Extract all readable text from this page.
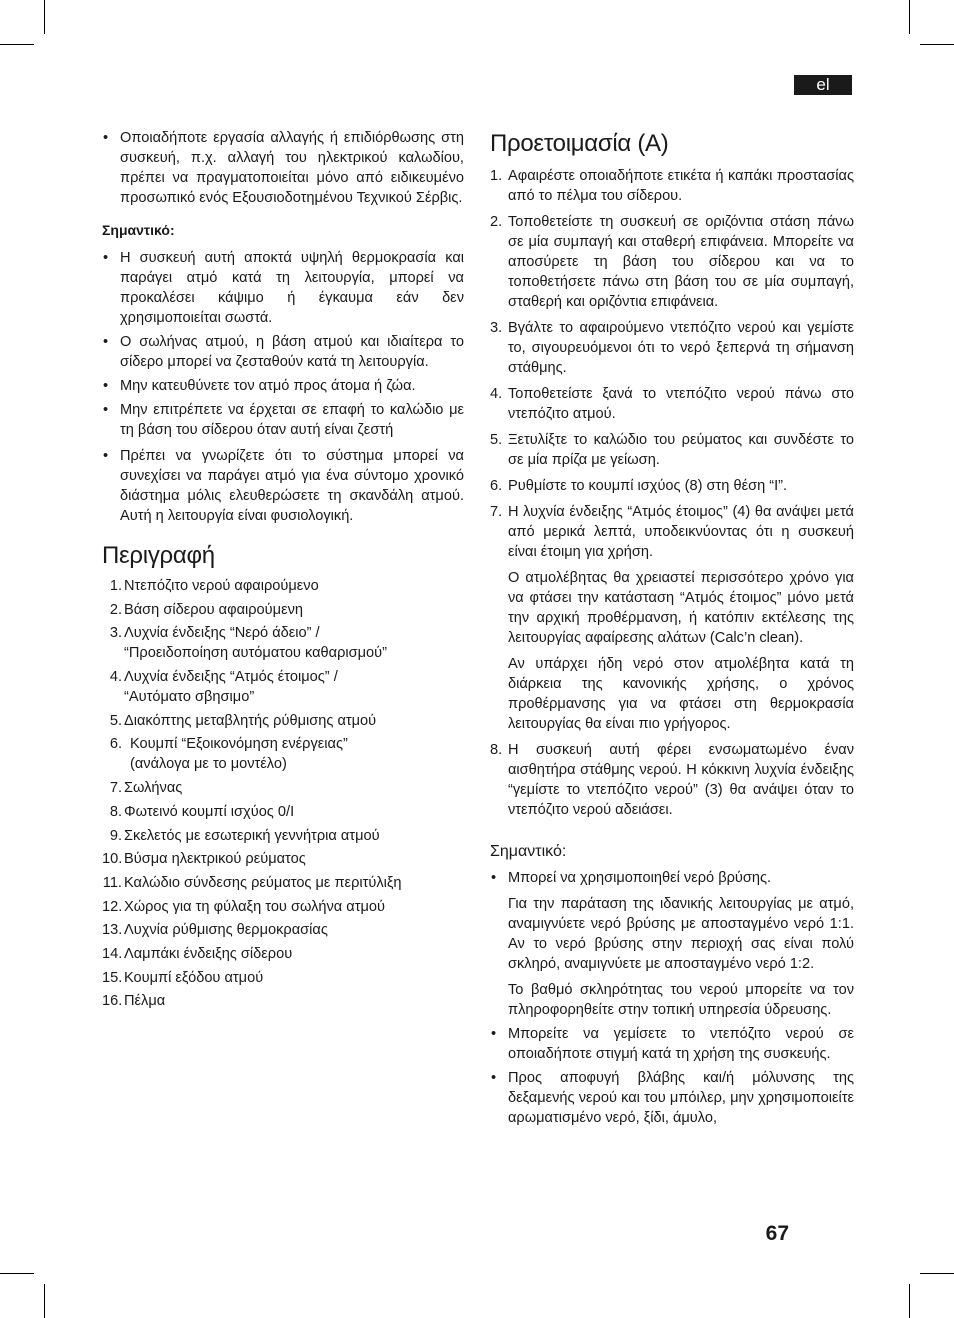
el
• Οποιαδήποτε εργασία αλλαγής ή επιδιόρθωσης στη συσκευή, π.χ. αλλαγή του ηλεκτρικού καλωδίου, πρέπει να πραγματοποιείται μόνο από ειδικευμένο προσωπικό ενός Εξουσιοδοτημένου Τεχνικού Σέρβις.
Σημαντικό:
• Η συσκευή αυτή αποκτά υψηλή θερμοκρασία και παράγει ατμό κατά τη λειτουργία, μπορεί να προκαλέσει κάψιμο ή έγκαυμα εάν δεν χρησιμοποιείται σωστά.
• Ο σωλήνας ατμού, η βάση ατμού και ιδιαίτερα το σίδερο μπορεί να ζεσταθούν κατά τη λειτουργία.
• Μην κατευθύνετε τον ατμό προς άτομα ή ζώα.
• Μην επιτρέπετε να έρχεται σε επαφή το καλώδιο με τη βάση του σίδερου όταν αυτή είναι ζεστή
• Πρέπει να γνωρίζετε ότι το σύστημα μπορεί να συνεχίσει να παράγει ατμό για ένα σύντομο χρονικό διάστημα μόλις ελευθερώσετε τη σκανδάλη ατμού. Αυτή η λειτουργία είναι φυσιολογική.
Περιγραφή
1. Ντεπόζιτο νερού αφαιρούμενο
2. Βάση σίδερου αφαιρούμενη
3. Λυχνία ένδειξης “Νερό άδειο” /
“Προειδοποίηση αυτόματου καθαρισμού”
4. Λυχνία ένδειξης “Ατμός έτοιμος” /
“Αυτόματο σβησιμο”
5. Διακόπτης μεταβλητής ρύθμισης ατμού
6. Κουμπί “Εξοικονόμηση ενέργειας”
(ανάλογα με το μοντέλο)
7. Σωλήνας
8. Φωτεινό κουμπί ισχύος 0/I
9. Σκελετός με εσωτερική γεννήτρια ατμού
10. Βύσμα ηλεκτρικού ρεύματος
11. Καλώδιο σύνδεσης ρεύματος με περιτύλιξη
12. Χώρος για τη φύλαξη του σωλήνα ατμού
13. Λυχνία ρύθμισης θερμοκρασίας
14. Λαμπάκι ένδειξης σίδερου
15. Κουμπί εξόδου ατμού
16. Πέλμα
Προετοιμασία (A)
1. Αφαιρέστε οποιαδήποτε ετικέτα ή καπάκι προστασίας από το πέλμα του σίδερου.
2. Τοποθετείστε τη συσκευή σε οριζόντια στάση πάνω σε μία συμπαγή και σταθερή επιφάνεια. Μπορείτε να αποσύρετε τη βάση του σίδερου και να το τοποθετήσετε πάνω στη βάση του σε μία συμπαγή, σταθερή και οριζόντια επιφάνεια.
3. Βγάλτε το αφαιρούμενο ντεπόζιτο νερού και γεμίστε το, σιγουρευόμενοι ότι το νερό ξεπερνά τη σήμανση στάθμης.
4. Τοποθετείστε ξανά το ντεπόζιτο νερού πάνω στο ντεπόζιτο ατμού.
5. Ξετυλίξτε το καλώδιο του ρεύματος και συνδέστε το σε μία πρίζα με γείωση.
6. Ρυθμίστε το κουμπί ισχύος (8) στη θέση “I”.
7. Η λυχνία ένδειξης “Ατμός έτοιμος” (4) θα ανάψει μετά από μερικά λεπτά, υποδεικνύοντας ότι η συσκευή είναι έτοιμη για χρήση.

Ο ατμολέβητας θα χρειαστεί περισσότερο χρόνο για να φτάσει την κατάσταση “Ατμός έτοιμος” μόνο μετά την αρχική προθέρμανση, ή κατόπιν εκτέλεσης της λειτουργίας αφαίρεσης αλάτων (Calc’n clean).

Αν υπάρχει ήδη νερό στον ατμολέβητα κατά τη διάρκεια της κανονικής χρήσης, ο χρόνος προθέρμανσης για να φτάσει στη θερμοκρασία λειτουργίας θα είναι πιο γρήγορος.

8. Η συσκευή αυτή φέρει ενσωματωμένο έναν αισθητήρα στάθμης νερού. Η κόκκινη λυχνία ένδειξης “γεμίστε το ντεπόζιτο νερού” (3) θα ανάψει όταν το ντεπόζιτο νερού αδειάσει.
Σημαντικό:
• Μπορεί να χρησιμοποιηθεί νερό βρύσης.

Για την παράταση της ιδανικής λειτουργίας με ατμό, αναμιγνύετε νερό βρύσης με αποσταγμένο νερό 1:1. Αν το νερό βρύσης στην περιοχή σας είναι πολύ σκληρό, αναμιγνύετε με αποσταγμένο νερό 1:2.

Το βαθμό σκληρότητας του νερού μπορείτε να τον πληροφορηθείτε στην τοπική υπηρεσία ύδρευσης.

• Μπορείτε να γεμίσετε το ντεπόζιτο νερού σε οποιαδήποτε στιγμή κατά τη χρήση της συσκευής.
• Προς αποφυγή βλάβης και/ή μόλυνσης της δεξαμενής νερού και του μπόιλερ, μην χρησιμοποιείτε αρωματισμένο νερό, ξίδι, άμυλο,
67
